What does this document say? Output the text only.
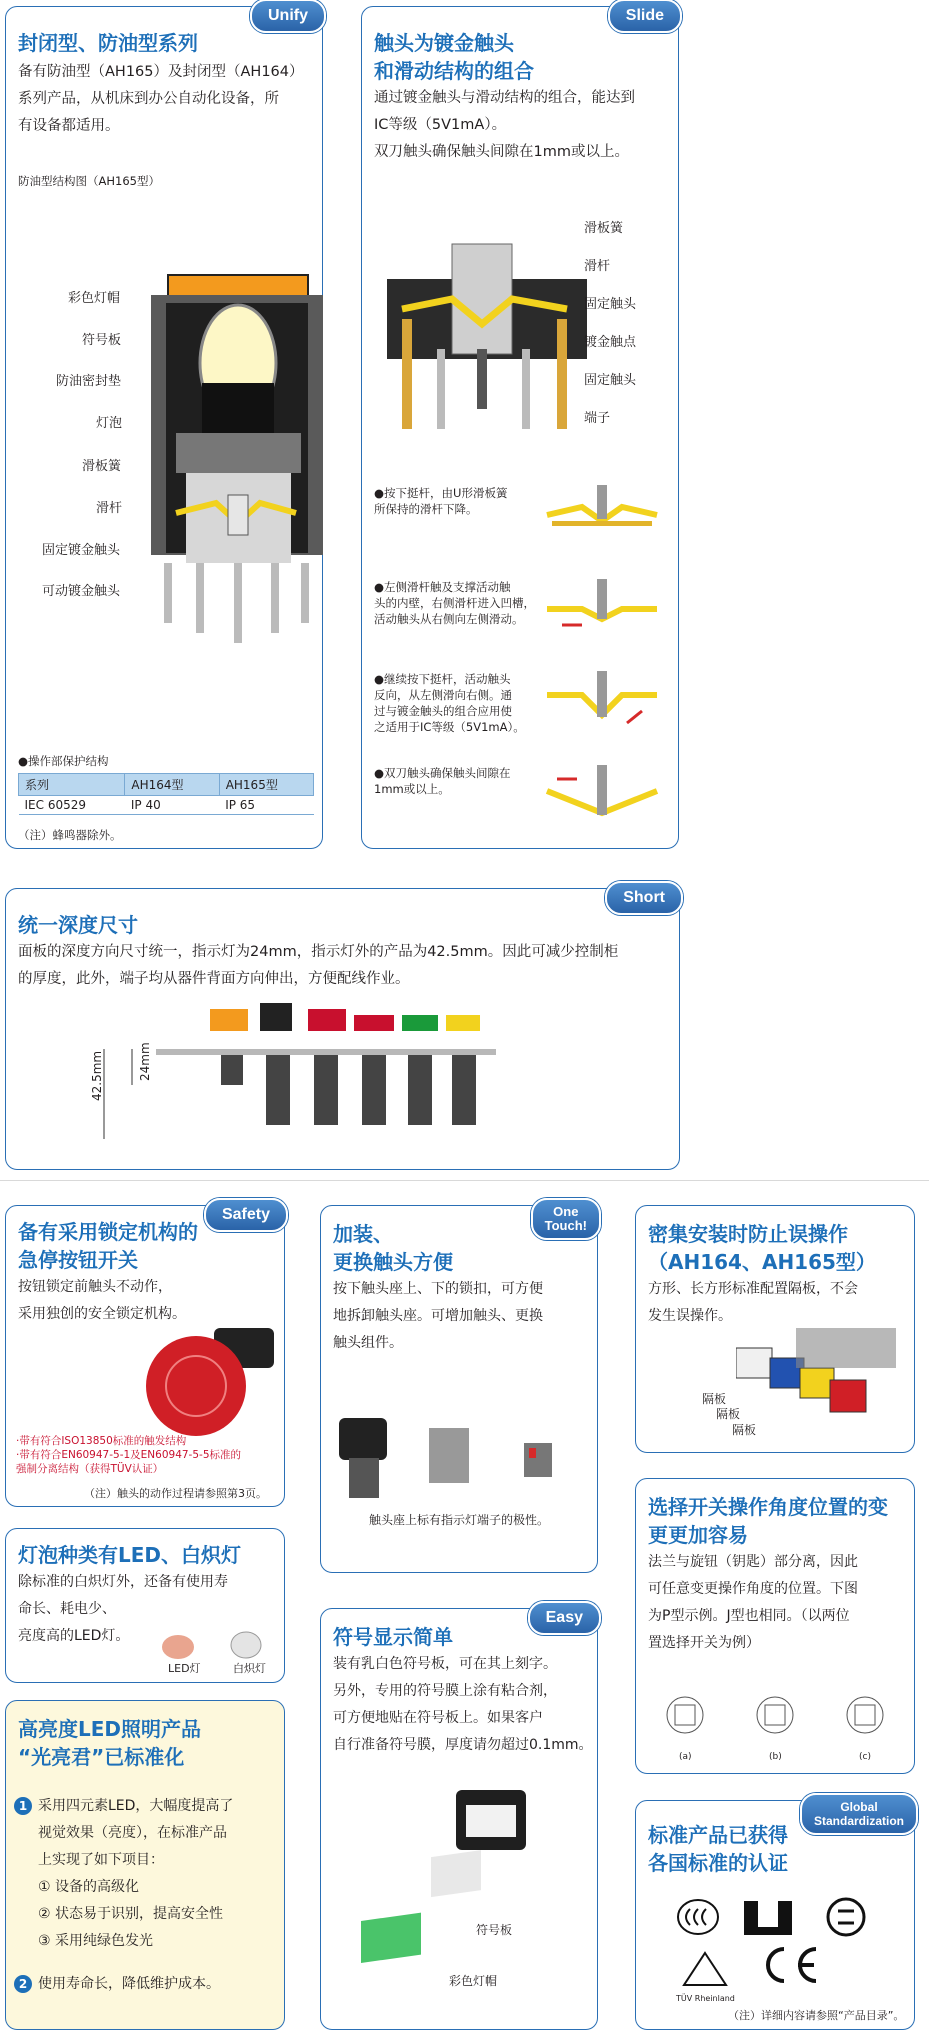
Unify

封闭型、防油型系列

备有防油型（AH165）及封闭型（AH164）
系列产品，从机床到办公自动化设备，所
有设备都适用。
防油型结构图（AH165型）
彩色灯帽
符号板
防油密封垫
灯泡
滑板簧
滑杆
固定镀金触头
可动镀金触头
●操作部保护结构
系列	AH164型	AH165型
IEC 60529	IP 40	IP 65
（注）蜂鸣器除外。
Slide

触头为镀金触头

和滑动结构的组合

通过镀金触头与滑动结构的组合，能达到
IC等级（5V1mA）。
双刀触头确保触头间隙在1mm或以上。
滑板簧
滑杆
固定触头
镀金触点
固定触头
端子
●按下挺杆，由U形滑板簧
所保持的滑杆下降。
●左侧滑杆触及支撑活动触
头的内壁，右侧滑杆进入凹槽，
活动触头从右侧向左侧滑动。
●继续按下挺杆，活动触头
反向，从左侧滑向右侧。通
过与镀金触头的组合应用使
之适用于IC等级（5V1mA）。
●双刀触头确保触头间隙在
1mm或以上。
Short

统一深度尺寸

面板的深度方向尺寸统一，指示灯为24mm，指示灯外的产品为42.5mm。因此可减少控制柜
的厚度，此外，端子均从器件背面方向伸出，方便配线作业。
42.5mm	24mm
Safety

备有采用锁定机构的

急停按钮开关

按钮锁定前触头不动作，
采用独创的安全锁定机构。
·带有符合ISO13850标准的触发结构
·带有符合EN60947-5-1及EN60947-5-5标准的
强制分离结构（获得TÜV认证）
（注）触头的动作过程请参照第3页。

灯泡种类有LED、白炽灯

除标准的白炽灯外，还备有使用寿
命长、耗电少、
亮度高的LED灯。
LED灯	白炽灯

高亮度LED照明产品

“光亮君”已标准化

1 采用四元素LED，大幅度提高了
视觉效果（亮度），在标准产品
上实现了如下项目：
① 设备的高级化
② 状态易于识别，提高安全性
③ 采用纯绿色发光
2 使用寿命长，降低维护成本。
One
Touch!

加装、

更换触头方便

按下触头座上、下的锁扣，可方便
地拆卸触头座。可增加触头、更换
触头组件。
触头座上标有指示灯端子的极性。
Easy

符号显示简单

装有乳白色符号板，可在其上刻字。
另外，专用的符号膜上涂有粘合剂，
可方便地贴在符号板上。如果客户
自行准备符号膜，厚度请勿超过0.1mm。
符号板
彩色灯帽

密集安装时防止误操作

（AH164、AH165型）

方形、长方形标准配置隔板，不会
发生误操作。
隔板
隔板
隔板

选择开关操作角度位置的变

更更加容易

法兰与旋钮（钥匙）部分离，因此
可任意变更操作角度的位置。下图
为P型示例。J型也相同。（以两位
置选择开关为例）
(a)	(b)	(c)
Global
Standardization

标准产品已获得

各国标准的认证

TÜV Rheinland
（注）详细内容请参照“产品目录”。
